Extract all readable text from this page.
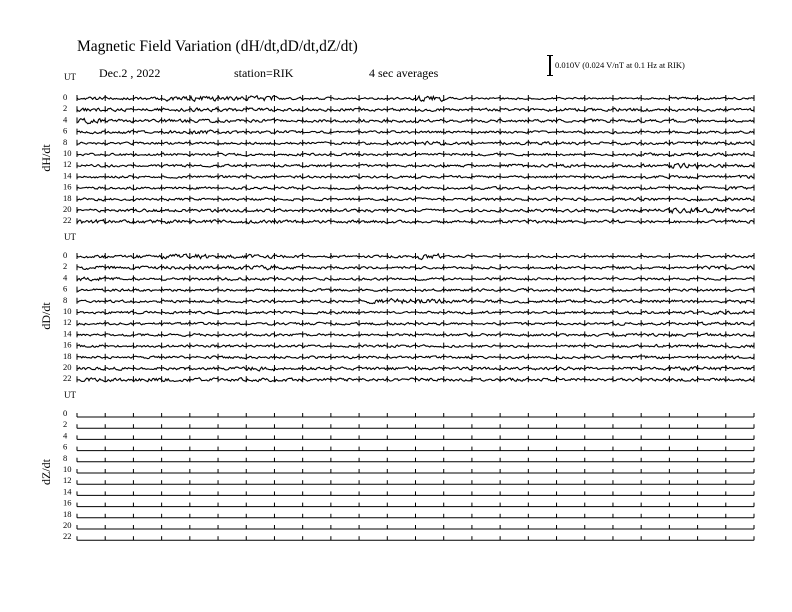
Magnetic Field Variation (dH/dt,dD/dt,dZ/dt)
Dec.2 , 2022	station=RIK	4 sec averages
0.010V (0.024 V/nT at 0.1 Hz at RIK)
UT
dH/dt
0
2
4
6
8
10
12
14
16
18
20
22
UT
dD/dt
0
2
4
6
8
10
12
14
16
18
20
22
UT
dZ/dt
0
2
4
6
8
10
12
14
16
18
20
22
